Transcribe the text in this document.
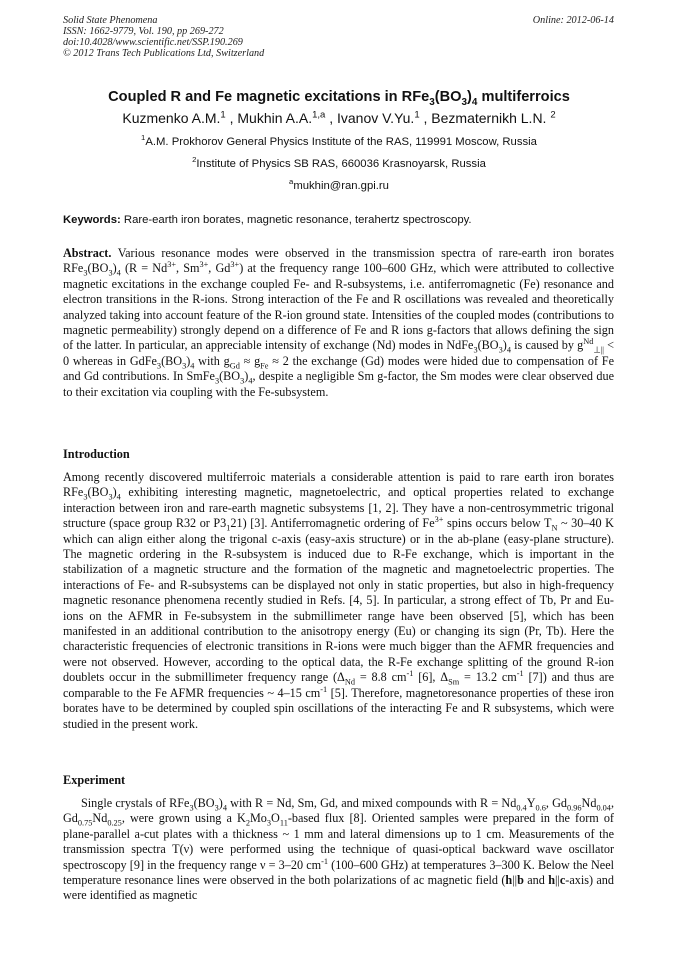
Solid State Phenomena
ISSN: 1662-9779, Vol. 190, pp 269-272
doi:10.4028/www.scientific.net/SSP.190.269
© 2012 Trans Tech Publications Ltd, Switzerland
Online: 2012-06-14
Coupled R and Fe magnetic excitations in $RFe_3(BO_3)_4$ multiferroics
Kuzmenko A.M.$^1$ , Mukhin A.A.$^{1,a}$ , Ivanov V.Yu.$^1$ , Bezmaternikh L.N. $^2$
$^1$A.M. Prokhorov General Physics Institute of the RAS, 119991 Moscow, Russia
$^2$Institute of Physics SB RAS, 660036 Krasnoyarsk, Russia
$^a$mukhin@ran.gpi.ru
Keywords: Rare-earth iron borates, magnetic resonance, terahertz spectroscopy.

Abstract. Various resonance modes were observed in the transmission spectra of rare-earth iron borates $RFe_3(BO_3)_4$ ($R = Nd^{3+}$, $Sm^{3+}$, $Gd^{3+}$) at the frequency range 100–600 GHz, which were attributed to collective magnetic excitations in the exchange coupled Fe- and R-subsystems, i.e. antiferromagnetic (Fe) resonance and electron transitions in the R-ions. Strong interaction of the Fe and R oscillations was revealed and theoretically analyzed taking into account feature of the R-ion ground state. Intensities of the coupled modes (contributions to magnetic permeability) strongly depend on a difference of Fe and R ions g-factors that allows defining the sign of the latter. In particular, an appreciable intensity of exchange (Nd) modes in $NdFe_3(BO_3)_4$ is caused by $g^{Nd}_{\perp||} < 0$ whereas in $GdFe_3(BO_3)_4$ with $g_{Gd} \approx g_{Fe} \approx 2$ the exchange (Gd) modes were hided due to compensation of Fe and Gd contributions. In $SmFe_3(BO_3)_4$, despite a negligible Sm g-factor, the Sm modes were clear observed due to their excitation via coupling with the Fe-subsystem.

Introduction

Among recently discovered multiferroic materials a considerable attention is paid to rare earth iron borates $RFe_3(BO_3)_4$ exhibiting interesting magnetic, magnetoelectric, and optical properties related to exchange interaction between iron and rare-earth magnetic subsystems [1, 2]. They have a non-centrosymmetric trigonal structure (space group R32 or $P3_121$) [3]. Antiferromagnetic ordering of $Fe^{3+}$ spins occurs below $T_N$ ~ 30–40 K which can align either along the trigonal c-axis (easy-axis structure) or in the ab-plane (easy-plane structure). The magnetic ordering in the R-subsystem is induced due to R-Fe exchange, which is important in the stabilization of a magnetic structure and the formation of the magnetic and magnetoelectric properties. The interactions of Fe- and R-subsystems can be displayed not only in static properties, but also in high-frequency magnetic resonance phenomena recently studied in Refs. [4, 5]. In particular, a strong effect of Tb, Pr and Eu-ions on the AFMR in Fe-subsystem in the submillimeter range have been observed [5], which has been manifested in an additional contribution to the anisotropy energy (Eu) or changing its sign (Pr, Tb). Here the characteristic frequencies of electronic transitions in R-ions were much bigger than the AFMR frequencies and were not observed. However, according to the optical data, the R-Fe exchange splitting of the ground R-ion doublets occur in the submillimeter frequency range ($\Delta_{Nd} = 8.8$ $cm^{-1}$ [6], $\Delta_{Sm} = 13.2$ $cm^{-1}$ [7]) and thus are comparable to the Fe AFMR frequencies ~ 4–15 $cm^{-1}$ [5]. Therefore, magnetoresonance properties of these iron borates have to be determined by coupled spin oscillations of the interacting Fe and R subsystems, which were studied in the present work.

Experiment

Single crystals of $RFe_3(BO_3)_4$ with R = Nd, Sm, Gd, and mixed compounds with $R = Nd_{0.4}Y_{0.6}$, $Gd_{0.96}Nd_{0.04}$, $Gd_{0.75}Nd_{0.25}$, were grown using a $K_2Mo_3O_{11}$-based flux [8]. Oriented samples were prepared in the form of plane-parallel a-cut plates with a thickness ~ 1 mm and lateral dimensions up to 1 cm. Measurements of the transmission spectra T(ν) were performed using the technique of quasi-optical backward wave oscillator spectroscopy [9] in the frequency range ν = 3–20 $cm^{-1}$ (100–600 GHz) at temperatures 3–300 K. Below the Neel temperature resonance lines were observed in the both polarizations of ac magnetic field (h||b and h||c-axis) and were identified as magnetic
